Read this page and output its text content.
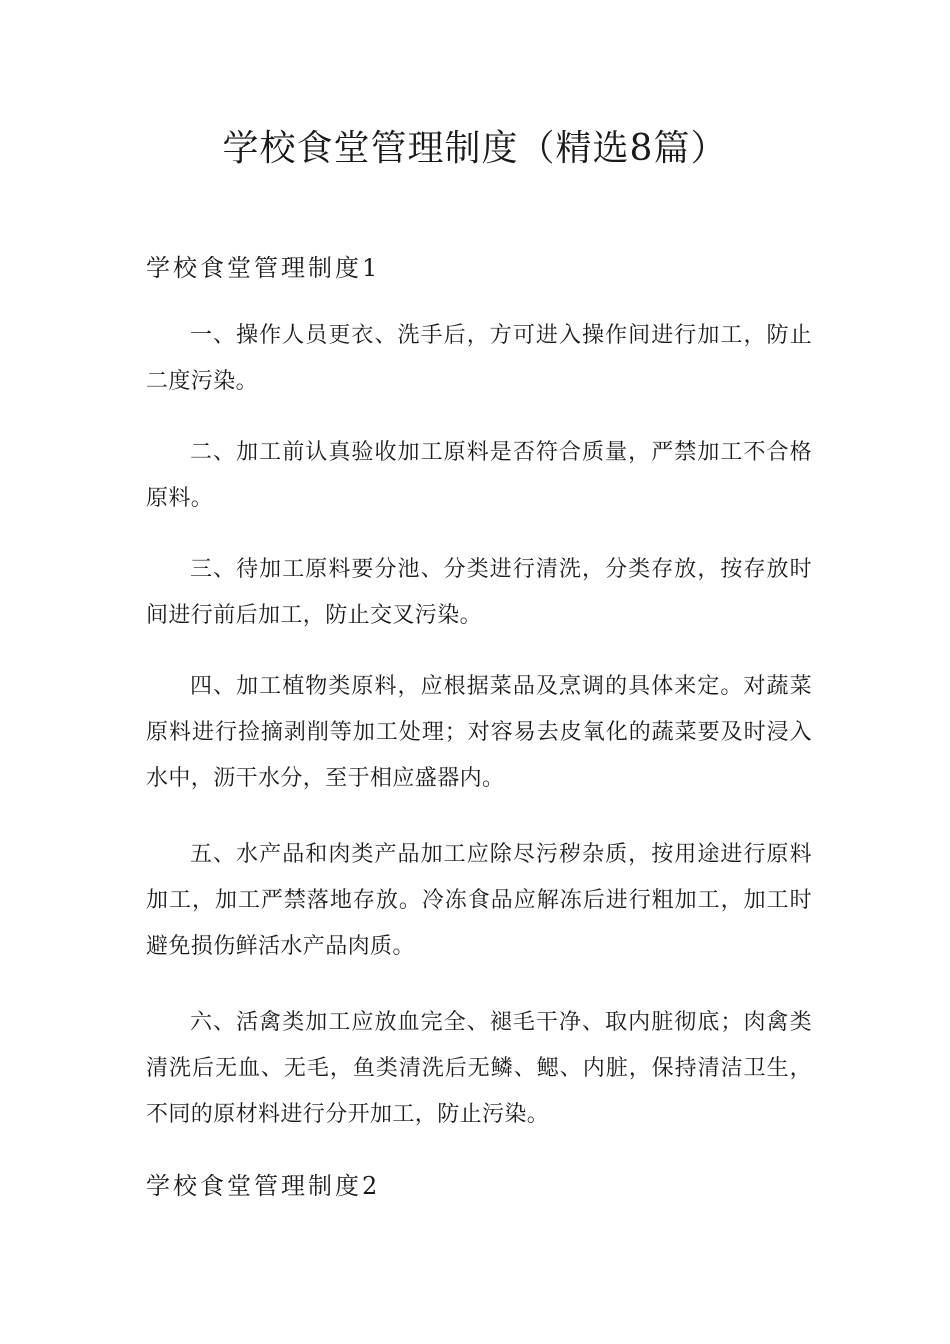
学校食堂管理制度（精选8篇）
学校食堂管理制度1

一、操作人员更衣、洗手后，方可进入操作间进行加工，防止二度污染。

二、加工前认真验收加工原料是否符合质量，严禁加工不合格原料。

三、待加工原料要分池、分类进行清洗，分类存放，按存放时间进行前后加工，防止交叉污染。

四、加工植物类原料，应根据菜品及烹调的具体来定。对蔬菜原料进行捡摘剥削等加工处理；对容易去皮氧化的蔬菜要及时浸入水中，沥干水分，至于相应盛器内。

五、水产品和肉类产品加工应除尽污秽杂质，按用途进行原料加工，加工严禁落地存放。冷冻食品应解冻后进行粗加工，加工时避免损伤鲜活水产品肉质。

六、活禽类加工应放血完全、褪毛干净、取内脏彻底；肉禽类清洗后无血、无毛，鱼类清洗后无鳞、鳃、内脏，保持清洁卫生，不同的原材料进行分开加工，防止污染。

学校食堂管理制度2
